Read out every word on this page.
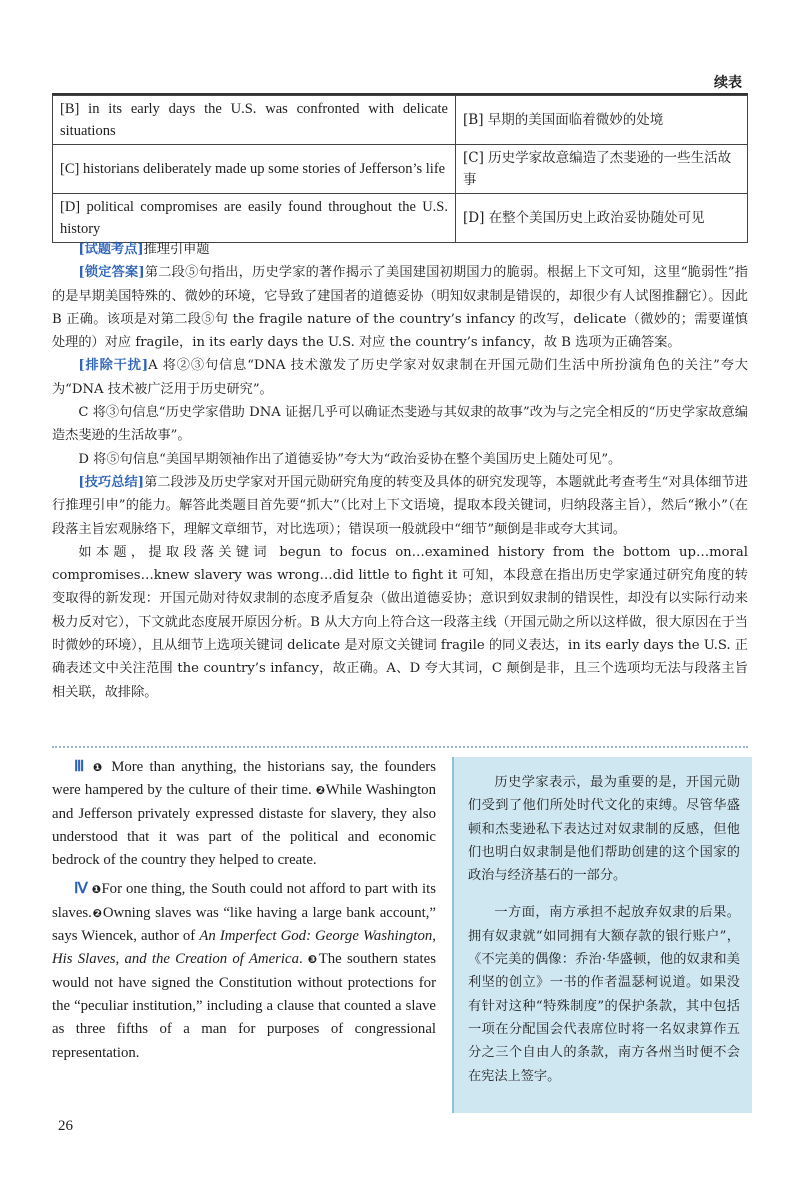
续表
[B] in its early days the U.S. was confronted with delicate situations	[B] 早期的美国面临着微妙的处境
[C] historians deliberately made up some stories of Jefferson’s life	[C] 历史学家故意编造了杰斐逊的一些生活故事
[D] political compromises are easily found throughout the U.S. history	[D] 在整个美国历史上政治妥协随处可见

[试题考点]推理引申题

[锁定答案]第二段⑤句指出，历史学家的著作揭示了美国建国初期国力的脆弱。根据上下文可知，这里“脆弱性”指的是早期美国特殊的、微妙的环境，它导致了建国者的道德妥协（明知奴隶制是错误的，却很少有人试图推翻它）。因此 B 正确。该项是对第二段⑤句 the fragile nature of the country’s infancy 的改写，delicate（微妙的；需要谨慎处理的）对应 fragile，in its early days the U.S. 对应 the country’s infancy，故 B 选项为正确答案。

[排除干扰]A 将②③句信息“DNA 技术激发了历史学家对奴隶制在开国元勋们生活中所扮演角色的关注”夸大为“DNA 技术被广泛用于历史研究”。

C 将③句信息“历史学家借助 DNA 证据几乎可以确证杰斐逊与其奴隶的故事”改为与之完全相反的“历史学家故意编造杰斐逊的生活故事”。

D 将⑤句信息“美国早期领袖作出了道德妥协”夸大为“政治妥协在整个美国历史上随处可见”。

[技巧总结]第二段涉及历史学家对开国元勋研究角度的转变及具体的研究发现等，本题就此考查考生“对具体细节进行推理引申”的能力。解答此类题目首先要“抓大”（比对上下文语境，提取本段关键词，归纳段落主旨），然后“揪小”（在段落主旨宏观脉络下，理解文章细节，对比选项）；错误项一般就段中“细节”颠倒是非或夸大其词。

如本题，提取段落关键词 begun to focus on…examined history from the bottom up…moral compromises…knew slavery was wrong…did little to fight it 可知，本段意在指出历史学家通过研究角度的转变取得的新发现：开国元勋对待奴隶制的态度矛盾复杂（做出道德妥协；意识到奴隶制的错误性，却没有以实际行动来极力反对它），下文就此态度展开原因分析。B 从大方向上符合这一段落主线（开国元勋之所以这样做，很大原因在于当时微妙的环境），且从细节上选项关键词 delicate 是对原文关键词 fragile 的同义表达，in its early days the U.S. 正确表述文中关注范围 the country’s infancy，故正确。A、D 夸大其词，C 颠倒是非，且三个选项均无法与段落主旨相关联，故排除。

Ⅲ ❶ More than anything, the historians say, the founders were hampered by the culture of their time. ❷While Washington and Jefferson privately expressed distaste for slavery, they also understood that it was part of the political and economic bedrock of the country they helped to create.

Ⅳ ❶For one thing, the South could not afford to part with its slaves.❷Owning slaves was “like having a large bank account,” says Wiencek, author of An Imperfect God: George Washington, His Slaves, and the Creation of America. ❸The southern states would not have signed the Constitution without protections for the “peculiar institution,” including a clause that counted a slave as three fifths of a man for purposes of congressional representation.

历史学家表示，最为重要的是，开国元勋们受到了他们所处时代文化的束缚。尽管华盛顿和杰斐逊私下表达过对奴隶制的反感，但他们也明白奴隶制是他们帮助创建的这个国家的政治与经济基石的一部分。

一方面，南方承担不起放弃奴隶的后果。拥有奴隶就“如同拥有大额存款的银行账户”，《不完美的偶像：乔治·华盛顿，他的奴隶和美利坚的创立》一书的作者温瑟柯说道。如果没有针对这种“特殊制度”的保护条款，其中包括一项在分配国会代表席位时将一名奴隶算作五分之三个自由人的条款，南方各州当时便不会在宪法上签字。

26
